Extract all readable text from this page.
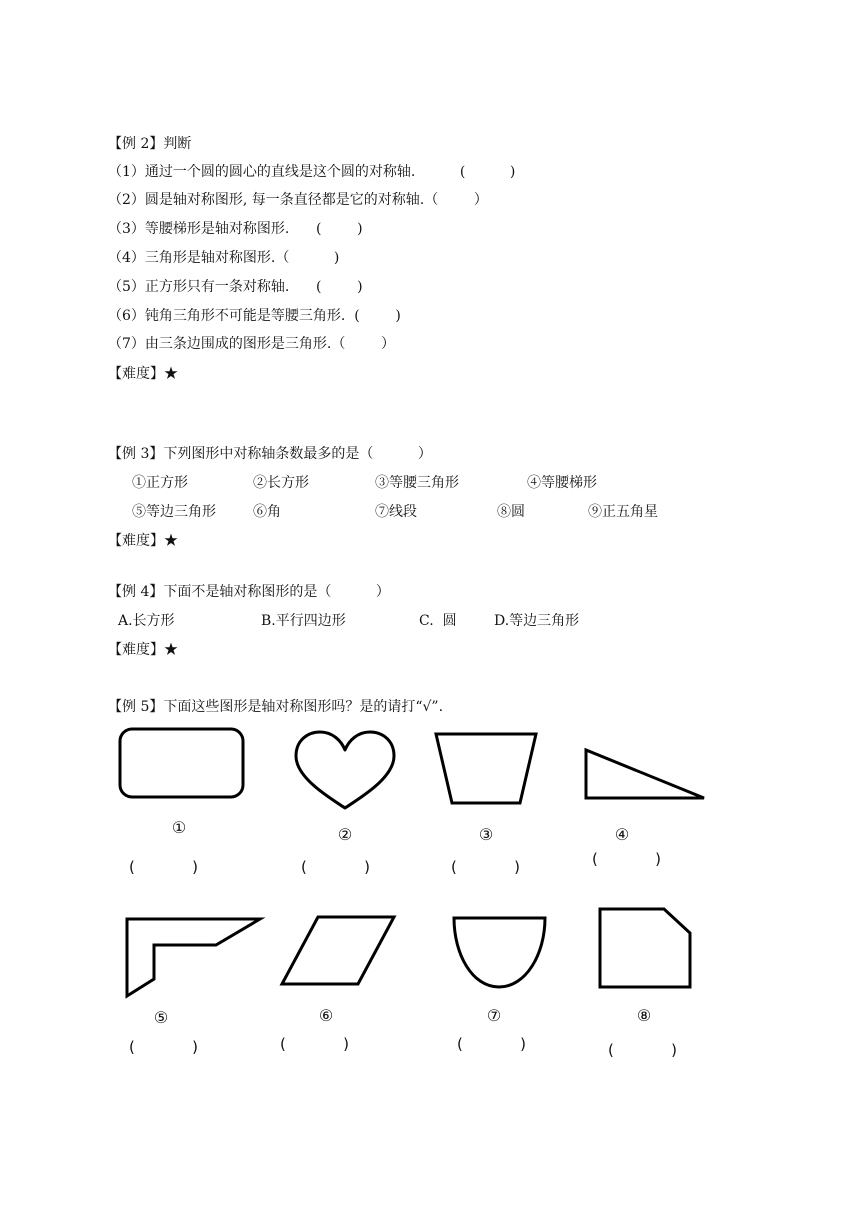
【例 2】判断
（1）通过一个圆的圆心的直线是这个圆的对称轴.          (          )
（2）圆是轴对称图形, 每一条直径都是它的对称轴.（        ）
（3）等腰梯形是轴对称图形.      (        )
（4）三角形是轴对称图形.（          )
（5）正方形只有一条对称轴.      (        )
（6）钝角三角形不可能是等腰三角形.  (        )
（7）由三条边围成的图形是三角形.（        ）
【难度】★
【例 3】下列图形中对称轴条数最多的是（          ）
①正方形	②长方形	③等腰三角形	④等腰梯形
⑤等边三角形	⑥角	⑦线段	⑧圆	⑨正五角星
【难度】★
【例 4】下面不是轴对称图形的是（          ）
A.长方形	B.平行四边形	C.  圆	D.等边三角形
【难度】★
【例 5】下面这些图形是轴对称图形吗？是的请打“√”.
①	②	③	④
(            )	(            )	(            )	(            )
⑤	⑥	⑦	⑧
(            )	(            )	(            )	(            )
